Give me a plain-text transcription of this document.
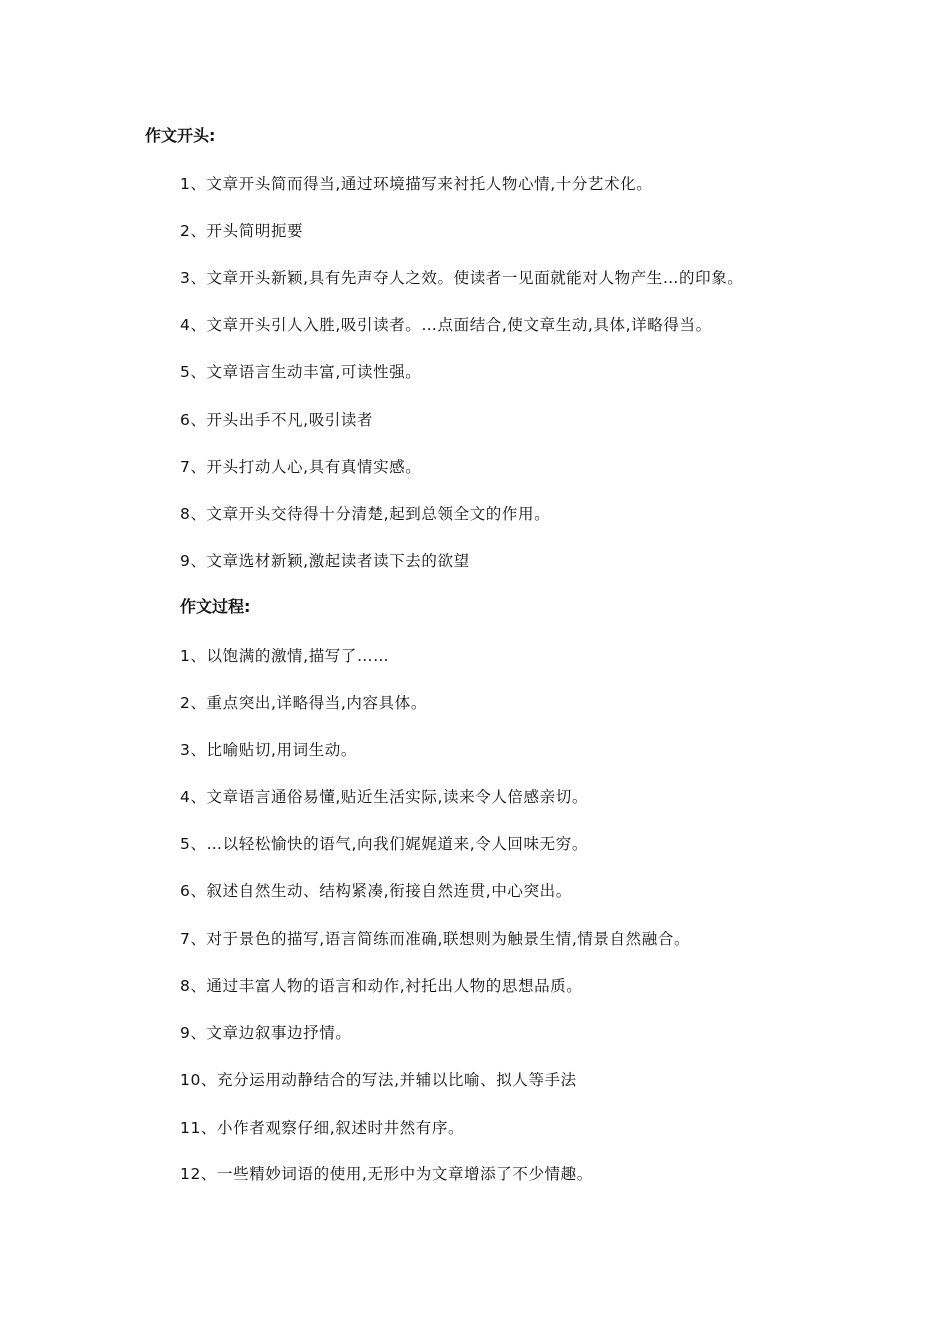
作文开头:
1、文章开头简而得当,通过环境描写来衬托人物心情,十分艺术化。
2、开头简明扼要
3、文章开头新颖,具有先声夺人之效。使读者一见面就能对人物产生…的印象。
4、文章开头引人入胜,吸引读者。…点面结合,使文章生动,具体,详略得当。
5、文章语言生动丰富,可读性强。
6、开头出手不凡,吸引读者
7、开头打动人心,具有真情实感。
8、文章开头交待得十分清楚,起到总领全文的作用。
9、文章选材新颖,激起读者读下去的欲望
作文过程:
1、以饱满的激情,描写了……
2、重点突出,详略得当,内容具体。
3、比喻贴切,用词生动。
4、文章语言通俗易懂,贴近生活实际,读来令人倍感亲切。
5、…以轻松愉快的语气,向我们娓娓道来,令人回味无穷。
6、叙述自然生动、结构紧凑,衔接自然连贯,中心突出。
7、对于景色的描写,语言简练而准确,联想则为触景生情,情景自然融合。
8、通过丰富人物的语言和动作,衬托出人物的思想品质。
9、文章边叙事边抒情。
10、充分运用动静结合的写法,并辅以比喻、拟人等手法
11、小作者观察仔细,叙述时井然有序。
12、一些精妙词语的使用,无形中为文章增添了不少情趣。
